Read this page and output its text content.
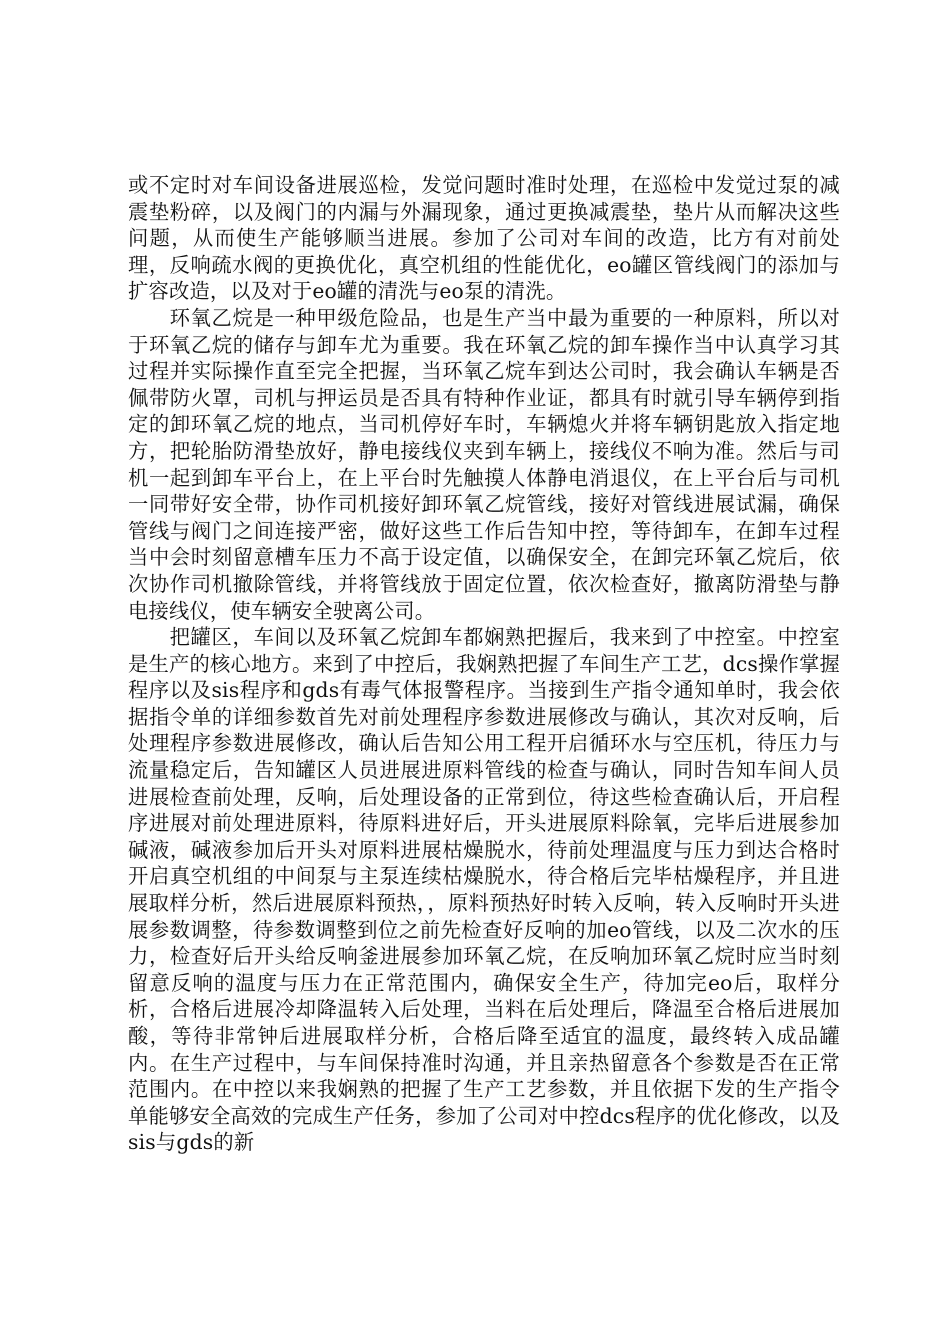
或不定时对车间设备进展巡检，发觉问题时准时处理，在巡检中发觉过泵的减震垫粉碎，以及阀门的内漏与外漏现象，通过更换减震垫，垫片从而解决这些问题，从而使生产能够顺当进展。参加了公司对车间的改造，比方有对前处理，反响疏水阀的更换优化，真空机组的性能优化，eo罐区管线阀门的添加与扩容改造，以及对于eo罐的清洗与eo泵的清洗。

环氧乙烷是一种甲级危险品，也是生产当中最为重要的一种原料，所以对于环氧乙烷的储存与卸车尤为重要。我在环氧乙烷的卸车操作当中认真学习其过程并实际操作直至完全把握，当环氧乙烷车到达公司时，我会确认车辆是否佩带防火罩，司机与押运员是否具有特种作业证，都具有时就引导车辆停到指定的卸环氧乙烷的地点，当司机停好车时，车辆熄火并将车辆钥匙放入指定地方，把轮胎防滑垫放好，静电接线仪夹到车辆上，接线仪不响为准。然后与司机一起到卸车平台上，在上平台时先触摸人体静电消退仪，在上平台后与司机一同带好安全带，协作司机接好卸环氧乙烷管线，接好对管线进展试漏，确保管线与阀门之间连接严密，做好这些工作后告知中控，等待卸车，在卸车过程当中会时刻留意槽车压力不高于设定值，以确保安全，在卸完环氧乙烷后，依次协作司机撤除管线，并将管线放于固定位置，依次检查好，撤离防滑垫与静电接线仪，使车辆安全驶离公司。

把罐区，车间以及环氧乙烷卸车都娴熟把握后，我来到了中控室。中控室是生产的核心地方。来到了中控后，我娴熟把握了车间生产工艺，dcs操作掌握程序以及sis程序和gds有毒气体报警程序。当接到生产指令通知单时，我会依据指令单的详细参数首先对前处理程序参数进展修改与确认，其次对反响，后处理程序参数进展修改，确认后告知公用工程开启循环水与空压机，待压力与流量稳定后，告知罐区人员进展进原料管线的检查与确认，同时告知车间人员进展检查前处理，反响，后处理设备的正常到位，待这些检查确认后，开启程序进展对前处理进原料，待原料进好后，开头进展原料除氧，完毕后进展参加碱液，碱液参加后开头对原料进展枯燥脱水，待前处理温度与压力到达合格时开启真空机组的中间泵与主泵连续枯燥脱水，待合格后完毕枯燥程序，并且进展取样分析，然后进展原料预热，，原料预热好时转入反响，转入反响时开头进展参数调整，待参数调整到位之前先检查好反响的加eo管线，以及二次水的压力，检查好后开头给反响釜进展参加环氧乙烷，在反响加环氧乙烷时应当时刻留意反响的温度与压力在正常范围内，确保安全生产，待加完eo后，取样分析，合格后进展冷却降温转入后处理，当料在后处理后，降温至合格后进展加酸，等待非常钟后进展取样分析，合格后降至适宜的温度，最终转入成品罐内。在生产过程中，与车间保持准时沟通，并且亲热留意各个参数是否在正常范围内。在中控以来我娴熟的把握了生产工艺参数，并且依据下发的生产指令单能够安全高效的完成生产任务，参加了公司对中控dcs程序的优化修改，以及sis与gds的新
